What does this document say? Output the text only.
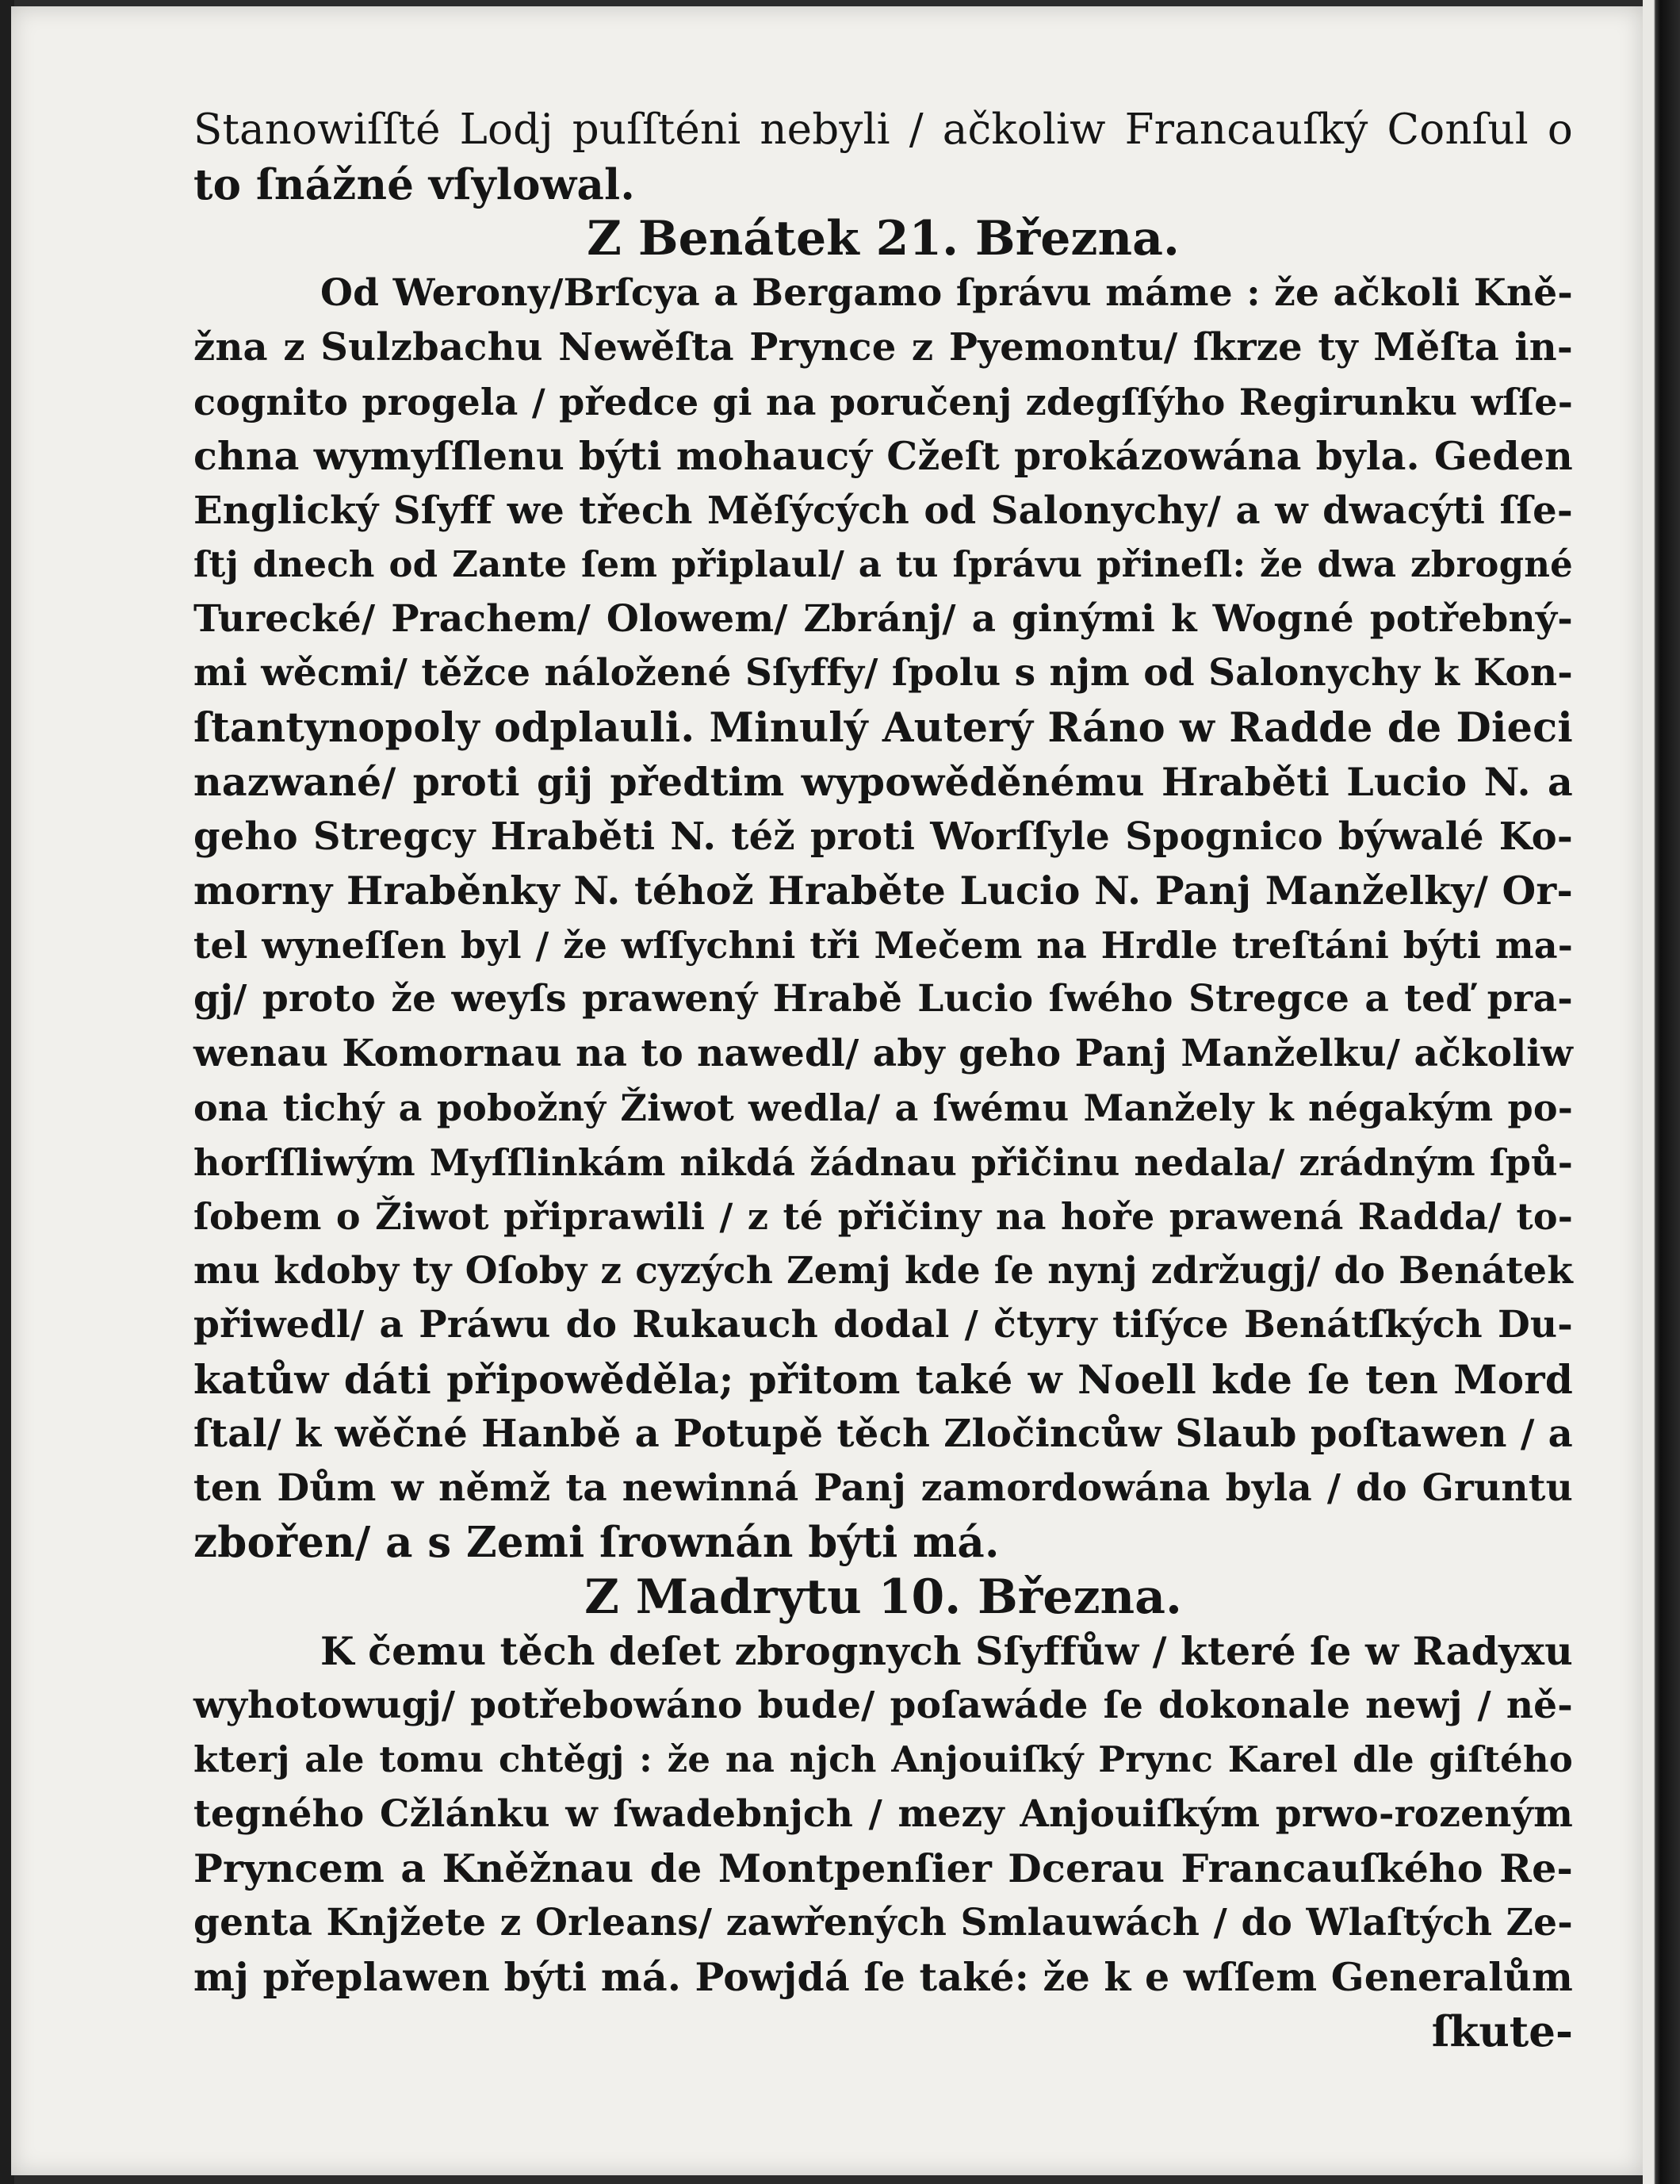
Stanowiſſté Lodj puſſténi nebyli / ačkoliw Francauſký Conſul o
to ſnážné vſylowal.
Z Benátek 21. Března.
Od Werony/Brſcya a Bergamo ſprávu máme : že ačkoli Kně-
žna z Sulzbachu Newěſta Prynce z Pyemontu/ ſkrze ty Měſta in-
cognito progela / předce gi na poručenj zdegſſýho Regirunku wſſe-
chna wymyſſlenu býti mohaucý Cžeſt prokázowána byla. Geden
Englický Sſyff we třech Měſýcých od Salonychy/ a w dwacýti ſſe-
ſtj dnech od Zante ſem připlaul/ a tu ſprávu přineſl: že dwa zbrogné
Turecké/ Prachem/ Olowem/ Zbránj/ a ginými k Wogné potřebný-
mi wěcmi/ těžce náložené Sſyffy/ ſpolu s njm od Salonychy k Kon-
ſtantynopoly odplauli. Minulý Auterý Ráno w Radde de Dieci
nazwané/ proti gij předtim wypowěděnému Hraběti Lucio N. a
geho Stregcy Hraběti N. též proti Worſſyle Spognico býwalé Ko-
morny Hraběnky N. téhož Hraběte Lucio N. Panj Manželky/ Or-
tel wyneſſen byl / že wſſychni tři Mečem na Hrdle treſtáni býti ma-
gj/ proto že weyſs prawený Hrabě Lucio ſwého Stregce a teď pra-
wenau Komornau na to nawedl/ aby geho Panj Manželku/ ačkoliw
ona tichý a pobožný Žiwot wedla/ a ſwému Manžely k négakým po-
horſſliwým Myſſlinkám nikdá žádnau přičinu nedala/ zrádným ſpů-
ſobem o Žiwot připrawili / z té přičiny na hoře prawená Radda/ to-
mu kdoby ty Oſoby z cyzých Zemj kde ſe nynj zdržugj/ do Benátek
přiwedl/ a Práwu do Rukauch dodal / čtyry tiſýce Benátſkých Du-
katůw dáti připowěděla; přitom také w Noell kde ſe ten Mord
ſtal/ k wěčné Hanbě a Potupě těch Zločincůw Slaub poſtawen / a
ten Dům w němž ta newinná Panj zamordowána byla / do Gruntu
zbořen/ a s Zemi ſrownán býti má.
Z Madrytu 10. Března.
K čemu těch deſet zbrognych Sſyffůw / které ſe w Radyxu
wyhotowugj/ potřebowáno bude/ poſawáde ſe dokonale newj / ně-
kterj ale tomu chtěgj : že na njch Anjouiſký Prync Karel dle giſtého
tegného Cžlánku w ſwadebnjch / mezy Anjouiſkým prwo-rozeným
Pryncem a Kněžnau de Montpenſier Dcerau Francauſkého Re-
genta Knjžete z Orleans/ zawřených Smlauwách / do Wlaſtých Ze-
mj přeplawen býti má. Powjdá ſe také: že k e wſſem Generalům
ſkute-
